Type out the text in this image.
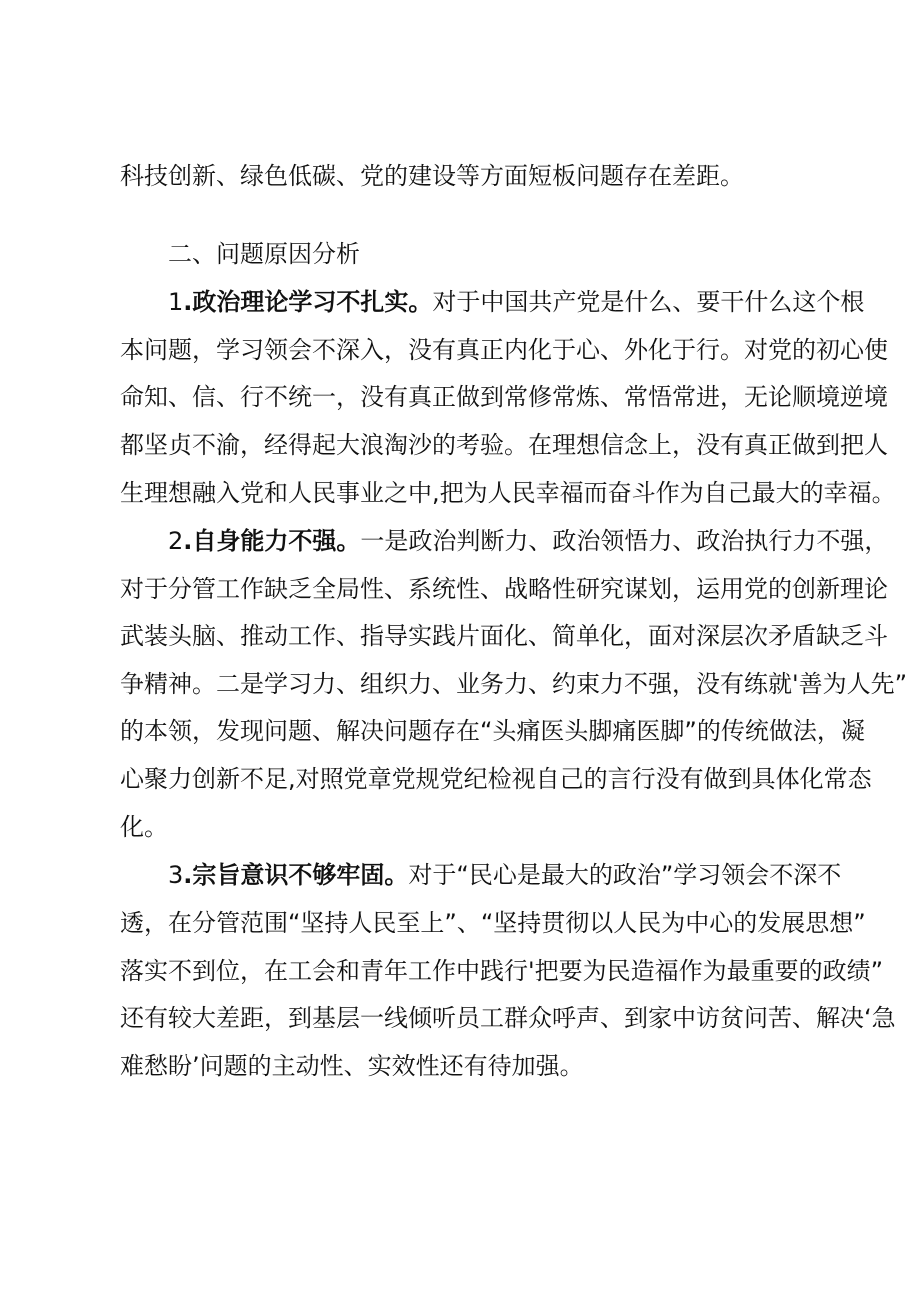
科技创新、绿色低碳、党的建设等方面短板问题存在差距。
二、问题原因分析
1.政治理论学习不扎实。对于中国共产党是什么、要干什么这个根
本问题，学习领会不深入，没有真正内化于心、外化于行。对党的初心使
命知、信、行不统一，没有真正做到常修常炼、常悟常进，无论顺境逆境
都坚贞不渝，经得起大浪淘沙的考验。在理想信念上，没有真正做到把人
生理想融入党和人民事业之中,把为人民幸福而奋斗作为自己最大的幸福。
2.自身能力不强。一是政治判断力、政治领悟力、政治执行力不强，
对于分管工作缺乏全局性、系统性、战略性研究谋划，运用党的创新理论
武装头脑、推动工作、指导实践片面化、简单化，面对深层次矛盾缺乏斗
争精神。二是学习力、组织力、业务力、约束力不强，没有练就'善为人先”
的本领，发现问题、解决问题存在“头痛医头脚痛医脚”的传统做法，凝
心聚力创新不足,对照党章党规党纪检视自己的言行没有做到具体化常态
化。
3.宗旨意识不够牢固。对于“民心是最大的政治”学习领会不深不
透，在分管范围“坚持人民至上”、“坚持贯彻以人民为中心的发展思想”
落实不到位，在工会和青年工作中践行'把要为民造福作为最重要的政绩”
还有较大差距，到基层一线倾听员工群众呼声、到家中访贫问苦、解决‘急
难愁盼’问题的主动性、实效性还有待加强。
